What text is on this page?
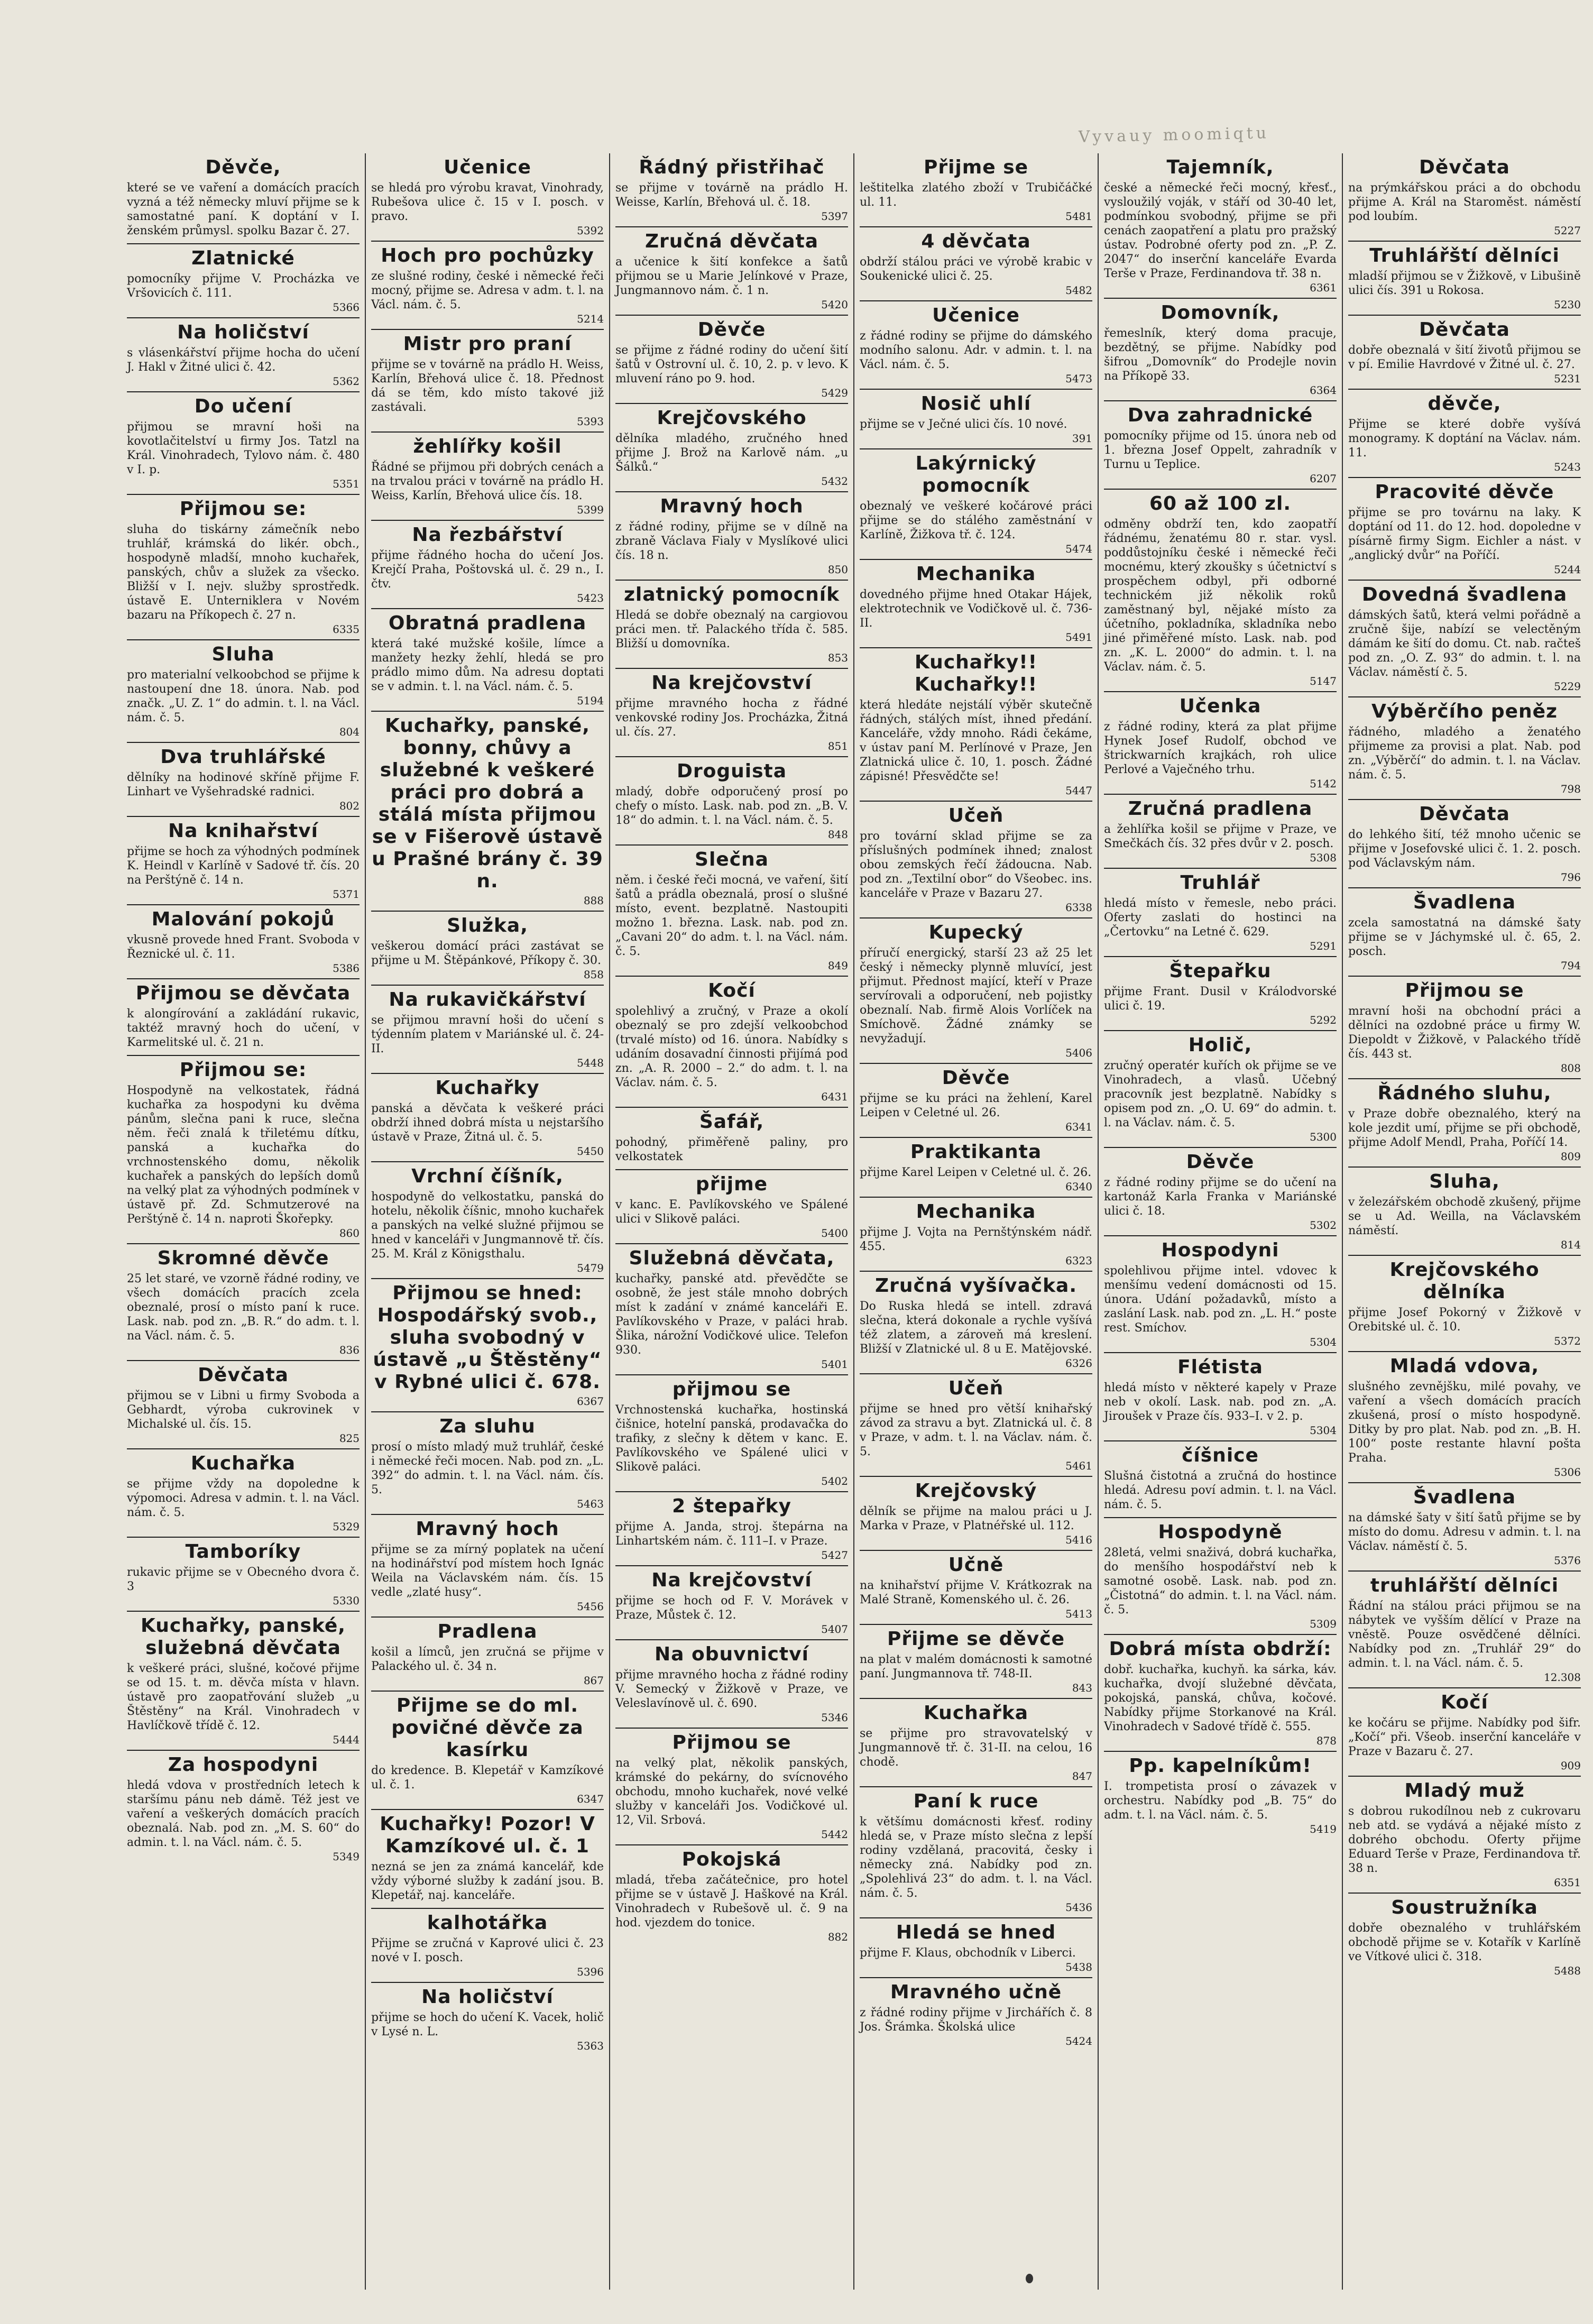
Vyvauy moomiqtu
Děvče,
které se ve vaření a domácích pracích vyzná a též německy mluví přijme se k samostatné paní. K doptání v I. ženském průmysl. spolku Bazar č. 27.
Zlatnické
pomocníky přijme V. Procházka ve Vršovicích č. 111.
5366
Na holičství
s vlásenkářství přijme hocha do učení J. Hakl v Žitné ulici č. 42.
5362
Do učení
přijmou se mravní hoši na kovotlačitelství u firmy Jos. Tatzl na Král. Vinohradech, Tylovo nám. č. 480 v I. p.
5351
Přijmou se:
sluha do tiskárny zámečník nebo truhlář, krámská do likér. obch., hospodyně mladší, mnoho kuchařek, panských, chův a služek za všecko. Bližší v I. nejv. služby sprostředk. ústavě E. Unterniklera v Novém bazaru na Příkopech č. 27 n.
6335
Sluha
pro materialní velkoobchod se přijme k nastoupení dne 18. února. Nab. pod značk. „U. Z. 1“ do admin. t. l. na Václ. nám. č. 5.
804
Dva truhlářské
dělníky na hodinové skříně přijme F. Linhart ve Vyšehradské radnici.
802
Na knihařství
přijme se hoch za výhodných podmínek K. Heindl v Karlíně v Sadové tř. čís. 20 na Perštýně č. 14 n.
5371
Malování pokojů
vkusně provede hned Frant. Svoboda v Řeznické ul. č. 11.
5386
Přijmou se děvčata
k alongírování a zakládání rukavic, taktéž mravný hoch do učení, v Karmelitské ul. č. 21 n.
Přijmou se:
Hospodyně na velkostatek, řádná kuchařka za hospodyni ku dvěma pánům, slečna pani k ruce, slečna něm. řeči znalá k třiletému dítku, panská a kuchařka do vrchnostenského domu, několik kuchařek a panských do lepších domů na velký plat za výhodných podmínek v ústavě př. Zd. Schmutzerové na Perštýně č. 14 n. naproti Škořepky.
860
Skromné děvče
25 let staré, ve vzorně řádné rodiny, ve všech domácích pracích zcela obeznalé, prosí o místo paní k ruce. Lask. nab. pod zn. „B. R.“ do adm. t. l. na Václ. nám. č. 5.
836
Děvčata
přijmou se v Libni u firmy Svoboda a Gebhardt, výroba cukrovinek v Michalské ul. čís. 15.
825
Kuchařka
se přijme vždy na dopoledne k výpomoci. Adresa v admin. t. l. na Václ. nám. č. 5.
5329
Tamboríky
rukavic přijme se v Obecného dvora č. 3
5330
Kuchařky, panské, služebná děvčata
k veškeré práci, slušné, kočové přijme se od 15. t. m. děvča místa v hlavn. ústavě pro zaopatřování služeb „u Štěstěny“ na Král. Vinohradech v Havlíčkově třídě č. 12.
5444
Za hospodyni
hledá vdova v prostředních letech k staršímu pánu neb dámě. Též jest ve vaření a veškerých domácích pracích obeznalá. Nab. pod zn. „M. S. 60“ do admin. t. l. na Václ. nám. č. 5.
5349
Učenice
se hledá pro výrobu kravat, Vinohrady, Rubešova ulice č. 15 v I. posch. v pravo.
5392
Hoch pro pochůzky
ze slušné rodiny, české i německé řeči mocný, přijme se. Adresa v adm. t. l. na Václ. nám. č. 5.
5214
Mistr pro praní
přijme se v továrně na prádlo H. Weiss, Karlín, Břehová ulice č. 18. Přednost dá se těm, kdo místo takové již zastávali.
5393
žehlířky košil
Řádné se přijmou při dobrých cenách a na trvalou práci v továrně na prádlo H. Weiss, Karlín, Břehová ulice čís. 18.
5399
Na řezbářství
přijme řádného hocha do učení Jos. Krejčí Praha, Poštovská ul. č. 29 n., I. čtv.
5423
Obratná pradlena
která také mužské košile, límce a manžety hezky žehlí, hledá se pro prádlo mimo dům. Na adresu doptati se v admin. t. l. na Václ. nám. č. 5.
5194
Kuchařky, panské, bonny, chůvy a služebné k veškeré práci pro dobrá a stálá místa přijmou se v Fišerově ústavě u Prašné brány č. 39 n.
888
Služka,
veškerou domácí práci zastávat se přijme u M. Štěpánkové, Příkopy č. 30.
858
Na rukavičkářství
se přijmou mravní hoši do učení s týdenním platem v Mariánské ul. č. 24-II.
5448
Kuchařky
panská a děvčata k veškeré práci obdrží ihned dobrá místa u nejstaršího ústavě v Praze, Žitná ul. č. 5.
5450
Vrchní číšník,
hospodyně do velkostatku, panská do hotelu, několik číšnic, mnoho kuchařek a panských na velké služné přijmou se hned v kanceláři v Jungmannově tř. čís. 25. M. Král z Königsthalu.
5479
Přijmou se hned: Hospodářský svob., sluha svobodný v ústavě „u Štěstěny“ v Rybné ulici č. 678.
6367
Za sluhu
prosí o místo mladý muž truhlář, české i německé řeči mocen. Nab. pod zn. „L. 392“ do admin. t. l. na Václ. nám. čís. 5.
5463
Mravný hoch
přijme se za mírný poplatek na učení na hodinářství pod místem hoch Ignác Weila na Václavském nám. čís. 15 vedle „zlaté husy“.
5456
Pradlena
košil a límců, jen zručná se přijme v Palackého ul. č. 34 n.
867
Přijme se do ml. povičné děvče za kasírku
do kredence. B. Klepetář v Kamzíkové ul. č. 1.
6347
Kuchařky! Pozor! V Kamzíkové ul. č. 1
nezná se jen za známá kancelář, kde vždy výborné služby k zadání jsou. B. Klepetář, naj. kanceláře.
kalhotářka
Přijme se zručná v Kaprové ulici č. 23 nové v I. posch.
5396
Na holičství
přijme se hoch do učení K. Vacek, holič v Lysé n. L.
5363
Řádný přistřihač
se přijme v továrně na prádlo H. Weisse, Karlín, Břehová ul. č. 18.
5397
Zručná děvčata
a učenice k šití konfekce a šatů přijmou se u Marie Jelínkové v Praze, Jungmannovo nám. č. 1 n.
5420
Děvče
se přijme z řádné rodiny do učení šití šatů v Ostrovní ul. č. 10, 2. p. v levo. K mluvení ráno po 9. hod.
5429
Krejčovského
dělníka mladého, zručného hned přijme J. Brož na Karlově nám. „u Šálků.“
5432
Mravný hoch
z řádné rodiny, přijme se v dílně na zbraně Václava Fialy v Myslíkové ulici čís. 18 n.
850
zlatnický pomocník
Hledá se dobře obeznalý na cargiovou práci men. tř. Palackého třída č. 585. Bližší u domovníka.
853
Na krejčovství
přijme mravného hocha z řádné venkovské rodiny Jos. Procházka, Žitná ul. čís. 27.
851
Droguista
mladý, dobře odporučený prosí po chefy o místo. Lask. nab. pod zn. „B. V. 18“ do admin. t. l. na Václ. nám. č. 5.
848
Slečna
něm. i české řeči mocná, ve vaření, šití šatů a prádla obeznalá, prosí o slušné místo, event. bezplatně. Nastoupiti možno 1. března. Lask. nab. pod zn. „Cavani 20“ do adm. t. l. na Václ. nám. č. 5.
849
Kočí
spolehlivý a zručný, v Praze a okolí obeznalý se pro zdejší velkoobchod (trvalé místo) od 16. února. Nabídky s udáním dosavadní činnosti přijímá pod zn. „A. R. 2000 – 2.“ do adm. t. l. na Václav. nám. č. 5.
6431
Šafář,
pohodný, přiměřeně paliny, pro velkostatek
přijme
v kanc. E. Pavlíkovského ve Spálené ulici v Slikově paláci.
5400
Služebná děvčata,
kuchařky, panské atd. převědčte se osobně, že jest stále mnoho dobrých míst k zadání v známé kanceláři E. Pavlíkovského v Praze, v paláci hrab. Šlika, nárožní Vodičkové ulice. Telefon 930.
5401
přijmou se
Vrchnostenská kuchařka, hostinská čišnice, hotelní panská, prodavačka do trafiky, z slečny k dětem v kanc. E. Pavlíkovského ve Spálené ulici v Slikově paláci.
5402
2 štepařky
přijme A. Janda, stroj. štepárna na Linhartském nám. č. 111–I. v Praze.
5427
Na krejčovství
přijme se hoch od F. V. Morávek v Praze, Můstek č. 12.
5407
Na obuvnictví
přijme mravného hocha z řádné rodiny V. Semecký v Žižkově v Praze, ve Veleslavínově ul. č. 690.
5346
Přijmou se
na velký plat, několik panských, krámské do pekárny, do svícnového obchodu, mnoho kuchařek, nové velké služby v kanceláři Jos. Vodičkové ul. 12, Vil. Srbová.
5442
Pokojská
mladá, třeba začátečnice, pro hotel přijme se v ústavě J. Haškové na Král. Vinohradech v Rubešově ul. č. 9 na hod. vjezdem do tonice.
882
Přijme se
leštitelka zlatého zboží v Trubičáčké ul. 11.
5481
4 děvčata
obdrží stálou práci ve výrobě krabic v Soukenické ulici č. 25.
5482
Učenice
z řádné rodiny se přijme do dámského modního salonu. Adr. v admin. t. l. na Václ. nám. č. 5.
5473
Nosič uhlí
přijme se v Ječné ulici čís. 10 nové.
391
Lakýrnický pomocník
obeznalý ve veškeré kočárové práci přijme se do stálého zaměstnání v Karlíně, Žižkova tř. č. 124.
5474
Mechanika
dovedného přijme hned Otakar Hájek, elektrotechnik ve Vodičkově ul. č. 736-II.
5491
Kuchařky!! Kuchařky!!
která hledáte nejstálí výběr skutečně řádných, stálých míst, ihned předání. Kanceláře, vždy mnoho. Rádi čekáme, v ústav paní M. Perlínové v Praze, Jen Zlatnická ulice č. 10, 1. posch. Žádné zápisné! Přesvědčte se!
5447
Učeň
pro tovární sklad přijme se za příslušných podmínek ihned; znalost obou zemských řečí žádoucna. Nab. pod zn. „Textilní obor“ do Všeobec. ins. kanceláře v Praze v Bazaru 27.
6338
Kupecký
příručí energický, starší 23 až 25 let český i německy plynně mluvící, jest přijmut. Přednost mající, kteří v Praze servírovali a odporučení, neb pojistky obeznalí. Nab. firmě Alois Vorlíček na Smíchově. Žádné známky se nevyžadují.
5406
Děvče
přijme se ku práci na žehlení, Karel Leipen v Celetné ul. 26.
6341
Praktikanta
přijme Karel Leipen v Celetné ul. č. 26.
6340
Mechanika
přijme J. Vojta na Pernštýnském nádř. 455.
6323
Zručná vyšívačka.
Do Ruska hledá se intell. zdravá slečna, která dokonale a rychle vyšívá též zlatem, a zároveň má kreslení. Bližší v Zlatnické ul. 8 u E. Matějovské.
6326
Učeň
přijme se hned pro větší knihařský závod za stravu a byt. Zlatnická ul. č. 8 v Praze, v adm. t. l. na Václav. nám. č. 5.
5461
Krejčovský
dělník se přijme na malou práci u J. Marka v Praze, v Platnéřské ul. 112.
5416
Učně
na knihařství přijme V. Krátkozrak na Malé Straně, Komenského ul. č. 26.
5413
Přijme se děvče
na plat v malém domácnosti k samotné paní. Jungmannova tř. 748-II.
843
Kuchařka
se přijme pro stravovatelský v Jungmannově tř. č. 31-II. na celou, 16 chodě.
847
Paní k ruce
k většímu domácnosti křesť. rodiny hledá se, v Praze místo slečna z lepší rodiny vzdělaná, pracovitá, česky i německy zná. Nabídky pod zn. „Spolehlivá 23“ do adm. t. l. na Václ. nám. č. 5.
5436
Hledá se hned
přijme F. Klaus, obchodník v Liberci.
5438
Mravného učně
z řádné rodiny přijme v Jirchářích č. 8 Jos. Šrámka. Školská ulice
5424
Tajemník,
české a německé řeči mocný, křesť., vysloužilý voják, v stáří od 30-40 let, podmínkou svobodný, přijme se při cenách zaopatření a platu pro pražský ústav. Podrobné oferty pod zn. „P. Z. 2047“ do inserční kanceláře Evarda Terše v Praze, Ferdinandova tř. 38 n.
6361
Domovník,
řemeslník, který doma pracuje, bezdětný, se přijme. Nabídky pod šifrou „Domovník“ do Prodejle novin na Příkopě 33.
6364
Dva zahradnické
pomocníky přijme od 15. února neb od 1. března Josef Oppelt, zahradník v Turnu u Teplice.
6207
60 až 100 zl.
odměny obdrží ten, kdo zaopatří řádnému, ženatému 80 r. star. vysl. poddůstojníku české i německé řeči mocnému, který zkoušky s účetnictví s prospěchem odbyl, při odborné technickém již několik roků zaměstnaný byl, nějaké místo za účetního, pokladníka, skladníka nebo jiné přiměřené místo. Lask. nab. pod zn. „K. L. 2000“ do admin. t. l. na Václav. nám. č. 5.
5147
Učenka
z řádné rodiny, která za plat přijme Hynek Josef Rudolf, obchod ve štrickwarních krajkách, roh ulice Perlové a Vaječného trhu.
5142
Zručná pradlena
a žehlířka košil se přijme v Praze, ve Smečkách čís. 32 přes dvůr v 2. posch.
5308
Truhlář
hledá místo v řemesle, nebo práci. Oferty zaslati do hostinci na „Čertovku“ na Letné č. 629.
5291
Štepařku
přijme Frant. Dusil v Králodvorské ulici č. 19.
5292
Holič,
zručný operatér kuřích ok přijme se ve Vinohradech, a vlasů. Učebný pracovník jest bezplatně. Nabídky s opisem pod zn. „O. U. 69“ do admin. t. l. na Václav. nám. č. 5.
5300
Děvče
z řádné rodiny přijme se do učení na kartonáž Karla Franka v Mariánské ulici č. 18.
5302
Hospodyni
spolehlivou přijme intel. vdovec k menšímu vedení domácnosti od 15. února. Udání požadavků, místo a zaslání Lask. nab. pod zn. „L. H.“ poste rest. Smíchov.
5304
Flétista
hledá místo v některé kapely v Praze neb v okolí. Lask. nab. pod zn. „A. Jiroušek v Praze čís. 933–I. v 2. p.
5304
číšnice
Slušná čistotná a zručná do hostince hledá. Adresu poví admin. t. l. na Václ. nám. č. 5.
Hospodyně
28letá, velmi snaživá, dobrá kuchařka, do menšího hospodářství neb k samotné osobě. Lask. nab. pod zn. „Čistotná“ do admin. t. l. na Václ. nám. č. 5.
5309
Dobrá místa obdrží:
dobř. kuchařka, kuchyň. ka sárka, káv. kuchařka, dvojí služebné děvčata, pokojská, panská, chůva, kočové. Nabídky přijme Storkanové na Král. Vinohradech v Sadové třídě č. 555.
878
Pp. kapelníkům!
I. trompetista prosí o závazek v orchestru. Nabídky pod „B. 75“ do adm. t. l. na Václ. nám. č. 5.
5419
Děvčata
na prýmkářskou práci a do obchodu přijme A. Král na Staroměst. náměstí pod loubím.
5227
Truhlářští dělníci
mladší přijmou se v Žižkově, v Libušině ulici čís. 391 u Rokosa.
5230
Děvčata
dobře obeznalá v šití životů přijmou se v pí. Emilie Havrdové v Žitné ul. č. 27.
5231
děvče,
Přijme se které dobře vyšívá monogramy. K doptání na Václav. nám. 11.
5243
Pracovité děvče
přijme se pro továrnu na laky. K doptání od 11. do 12. hod. dopoledne v písárně firmy Sigm. Eichler a nást. v „anglický dvůr“ na Poříčí.
5244
Dovedná švadlena
dámských šatů, která velmi pořádně a zručně šije, nabízí se velectěným dámám ke šití do domu. Ct. nab. račteš pod zn. „O. Z. 93“ do admin. t. l. na Václav. náměstí č. 5.
5229
Výběrčího peněz
řádného, mladého a ženatého přijmeme za provisi a plat. Nab. pod zn. „Výběrčí“ do admin. t. l. na Václav. nám. č. 5.
798
Děvčata
do lehkého šití, též mnoho učenic se přijme v Josefovské ulici č. 1. 2. posch. pod Václavským nám.
796
Švadlena
zcela samostatná na dámské šaty přijme se v Jáchymské ul. č. 65, 2. posch.
794
Přijmou se
mravní hoši na obchodní práci a dělníci na ozdobné práce u firmy W. Diepoldt v Žižkově, v Palackého třídě čís. 443 st.
808
Řádného sluhu,
v Praze dobře obeznalého, který na kole jezdit umí, přijme se při obchodě, přijme Adolf Mendl, Praha, Poříčí 14.
809
Sluha,
v železářském obchodě zkušený, přijme se u Ad. Weilla, na Václavském náměstí.
814
Krejčovského dělníka
přijme Josef Pokorný v Žižkově v Orebitské ul. č. 10.
5372
Mladá vdova,
slušného zevnějšku, milé povahy, ve vaření a všech domácích pracích zkušená, prosí o místo hospodyně. Ditky by pro plat. Nab. pod zn. „B. H. 100“ poste restante hlavní pošta Praha.
5306
Švadlena
na dámské šaty v šití šatů přijme se by místo do domu. Adresu v admin. t. l. na Václav. náměstí č. 5.
5376
truhlářští dělníci
Řádní na stálou práci přijmou se na nábytek ve vyšším dělící v Praze na vněstě. Pouze osvědčené dělníci. Nabídky pod zn. „Truhlář 29“ do admin. t. l. na Václ. nám. č. 5.
12.308
Kočí
ke kočáru se přijme. Nabídky pod šifr. „Kočí“ při. Všeob. inserční kanceláře v Praze v Bazaru č. 27.
909
Mladý muž
s dobrou rukodílnou neb z cukrovaru neb atd. se vydává a nějaké místo z dobrého obchodu. Oferty přijme Eduard Terše v Praze, Ferdinandova tř. 38 n.
6351
Soustružníka
dobře obeznalého v truhlářském obchodě přijme se v. Kotařík v Karlíně ve Vítkové ulici č. 318.
5488
